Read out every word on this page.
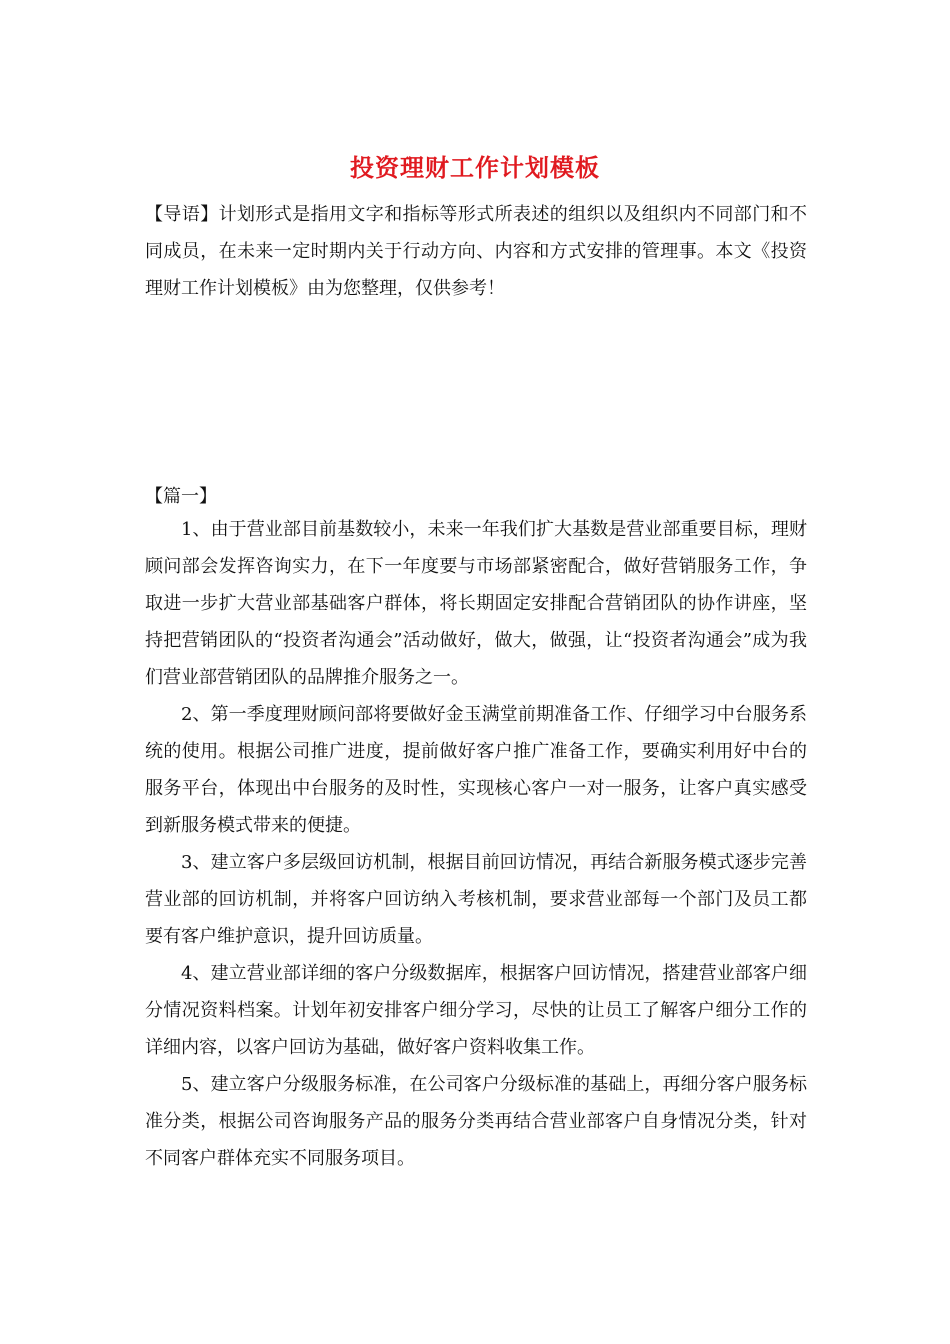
投资理财工作计划模板
【导语】计划形式是指用文字和指标等形式所表述的组织以及组织内不同部门和不同成员，在未来一定时期内关于行动方向、内容和方式安排的管理事。本文《投资理财工作计划模板》由为您整理，仅供参考！
【篇一】

1、由于营业部目前基数较小，未来一年我们扩大基数是营业部重要目标，理财顾问部会发挥咨询实力，在下一年度要与市场部紧密配合，做好营销服务工作，争取进一步扩大营业部基础客户群体，将长期固定安排配合营销团队的协作讲座，坚持把营销团队的“投资者沟通会”活动做好，做大，做强，让“投资者沟通会”成为我们营业部营销团队的品牌推介服务之一。

2、第一季度理财顾问部将要做好金玉满堂前期准备工作、仔细学习中台服务系统的使用。根据公司推广进度，提前做好客户推广准备工作，要确实利用好中台的服务平台，体现出中台服务的及时性，实现核心客户一对一服务，让客户真实感受到新服务模式带来的便捷。

3、建立客户多层级回访机制，根据目前回访情况，再结合新服务模式逐步完善营业部的回访机制，并将客户回访纳入考核机制，要求营业部每一个部门及员工都要有客户维护意识，提升回访质量。

4、建立营业部详细的客户分级数据库，根据客户回访情况，搭建营业部客户细分情况资料档案。计划年初安排客户细分学习，尽快的让员工了解客户细分工作的详细内容，以客户回访为基础，做好客户资料收集工作。

5、建立客户分级服务标准，在公司客户分级标准的基础上，再细分客户服务标准分类，根据公司咨询服务产品的服务分类再结合营业部客户自身情况分类，针对不同客户群体充实不同服务项目。
